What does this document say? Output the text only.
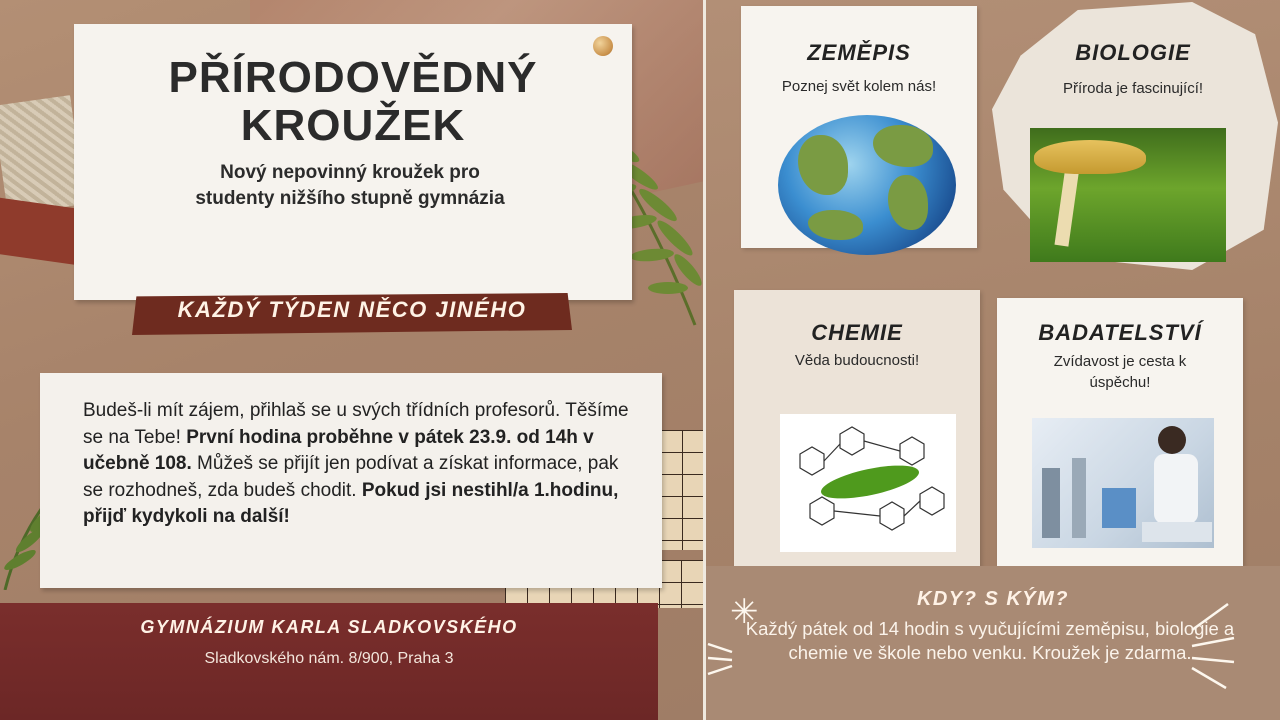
PŘÍRODOVĚDNÝ
KROUŽEK
Nový nepovinný kroužek pro
studenty nižšího stupně gymnázia
KAŽDÝ TÝDEN NĚCO JINÉHO
Budeš-li mít zájem, přihlaš se u svých třídních profesorů. Těšíme se na Tebe! První hodina proběhne v pátek 23.9. od 14h v učebně 108. Můžeš se přijít jen podívat a získat informace, pak se rozhodneš, zda budeš chodit. Pokud jsi nestihl/a 1.hodinu, přijď kydykoli na další!
GYMNÁZIUM KARLA SLADKOVSKÉHO
Sladkovského nám. 8/900, Praha 3
ZEMĚPIS
Poznej svět kolem nás!
BIOLOGIE
Příroda je fascinující!
CHEMIE
Věda budoucnosti!
BADATELSTVÍ
Zvídavost je cesta k úspěchu!
KDY? S KÝM?
Každý pátek od 14 hodin s vyučujícími zeměpisu, biologie a chemie ve škole nebo venku. Kroužek je zdarma.
✳
